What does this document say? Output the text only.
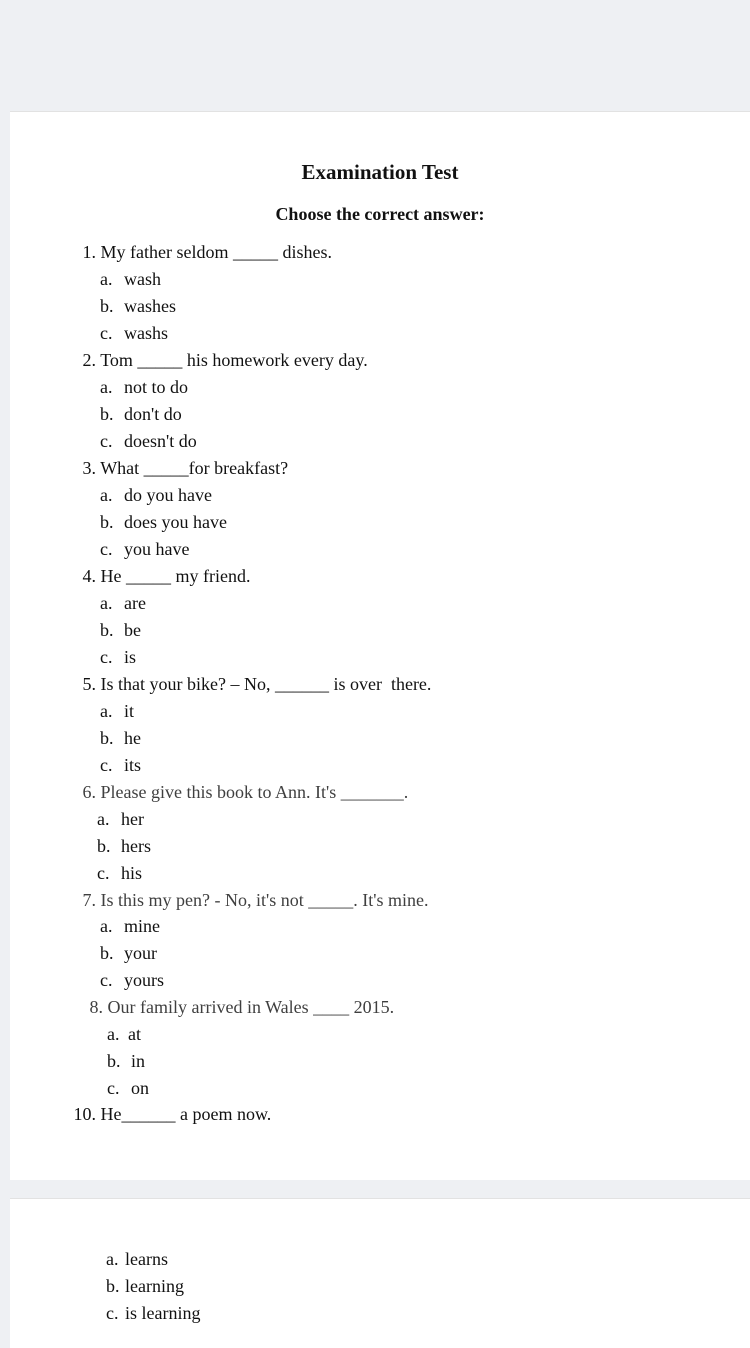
Examination Test

Choose the correct answer:

1. My father seldom _____ dishes.

a. wash

b. washes

c. washs

2. Tom _____ his homework every day.

a. not to do

b. don't do

c. doesn't do

3. What _____for breakfast?

a. do you have

b. does you have

c. you have

4. He _____ my friend.

a. are

b. be

c. is

5. Is that your bike? – No, ______ is over  there.

a. it

b. he

c. its

6. Please give this book to Ann. It's _______.

a. her

b. hers

c. his

7. Is this my pen? - No, it's not _____. It's mine.

a. mine

b. your

c. yours

8. Our family arrived in Wales ____ 2015.

a. at

b. in

c. on

10. He______ a poem now.

a. learns

b. learning

c. is learning
